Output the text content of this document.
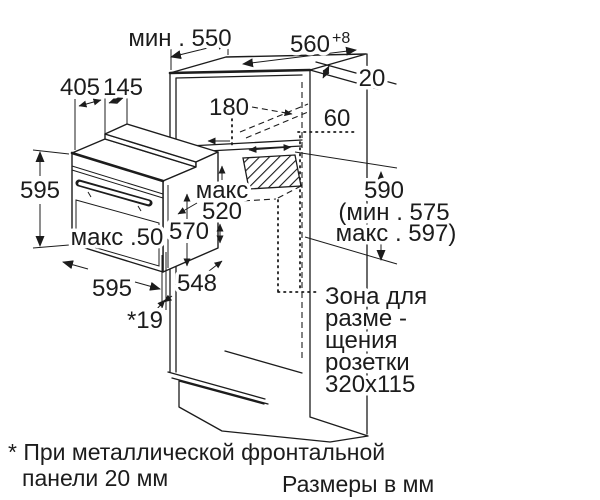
мин . 550 560 +8
20
405 145
180	60
595
макс .50
макс
520
570
590
(мин . 575
макс . 597)
595 548
*19
Зона для
разме -
щения
розетки
320x115
* При металлической фронтальной
панели 20 мм	Размеры в мм
